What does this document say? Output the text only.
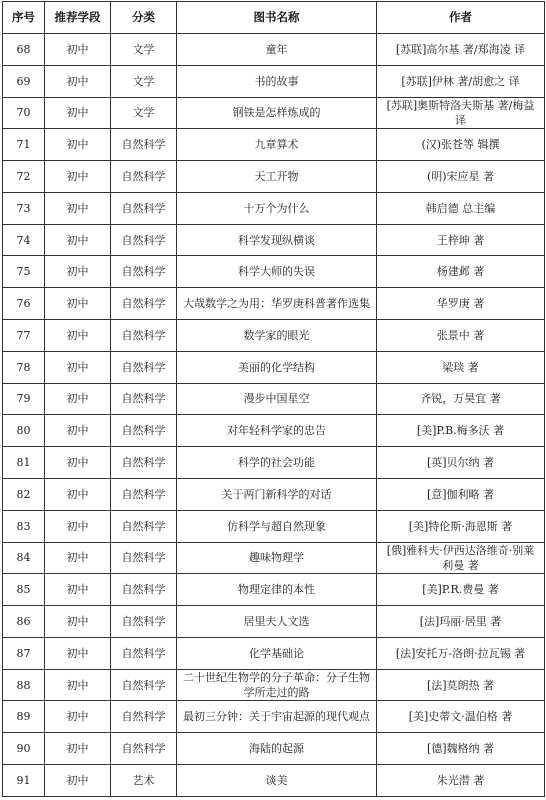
序号	推荐学段	分类	图书名称	作者
68	初中	文学	童年	[苏联]高尔基 著/郑海凌 译
69	初中	文学	书的故事	[苏联]伊林 著/胡愈之 译
70	初中	文学	钢铁是怎样炼成的	[苏联]奥斯特洛夫斯基 著/梅益 译
71	初中	自然科学	九章算术	(汉)张苍等 辑撰
72	初中	自然科学	天工开物	(明)宋应星 著
73	初中	自然科学	十万个为什么	韩启德 总主编
74	初中	自然科学	科学发现纵横谈	王梓坤 著
75	初中	自然科学	科学大师的失误	杨建邺 著
76	初中	自然科学	大哉数学之为用：华罗庚科普著作选集	华罗庚 著
77	初中	自然科学	数学家的眼光	张景中 著
78	初中	自然科学	美丽的化学结构	梁琰 著
79	初中	自然科学	漫步中国星空	齐锐，万昊宜 著
80	初中	自然科学	对年轻科学家的忠告	[美]P.B.梅多沃 著
81	初中	自然科学	科学的社会功能	[英]贝尔纳 著
82	初中	自然科学	关于两门新科学的对话	[意]伽利略 著
83	初中	自然科学	仿科学与超自然现象	[美]特伦斯·海恩斯 著
84	初中	自然科学	趣味物理学	[俄]雅科夫·伊西达洛维奇·别莱利曼 著
85	初中	自然科学	物理定律的本性	[美]P.R.费曼 著
86	初中	自然科学	居里夫人文选	[法]玛丽·居里 著
87	初中	自然科学	化学基础论	[法]安托万-洛朗·拉瓦锡 著
88	初中	自然科学	二十世纪生物学的分子革命：分子生物学所走过的路	[法]莫朗热 著
89	初中	自然科学	最初三分钟：关于宇宙起源的现代观点	[美]史蒂文·温伯格 著
90	初中	自然科学	海陆的起源	[德]魏格纳 著
91	初中	艺术	谈美	朱光潜 著
